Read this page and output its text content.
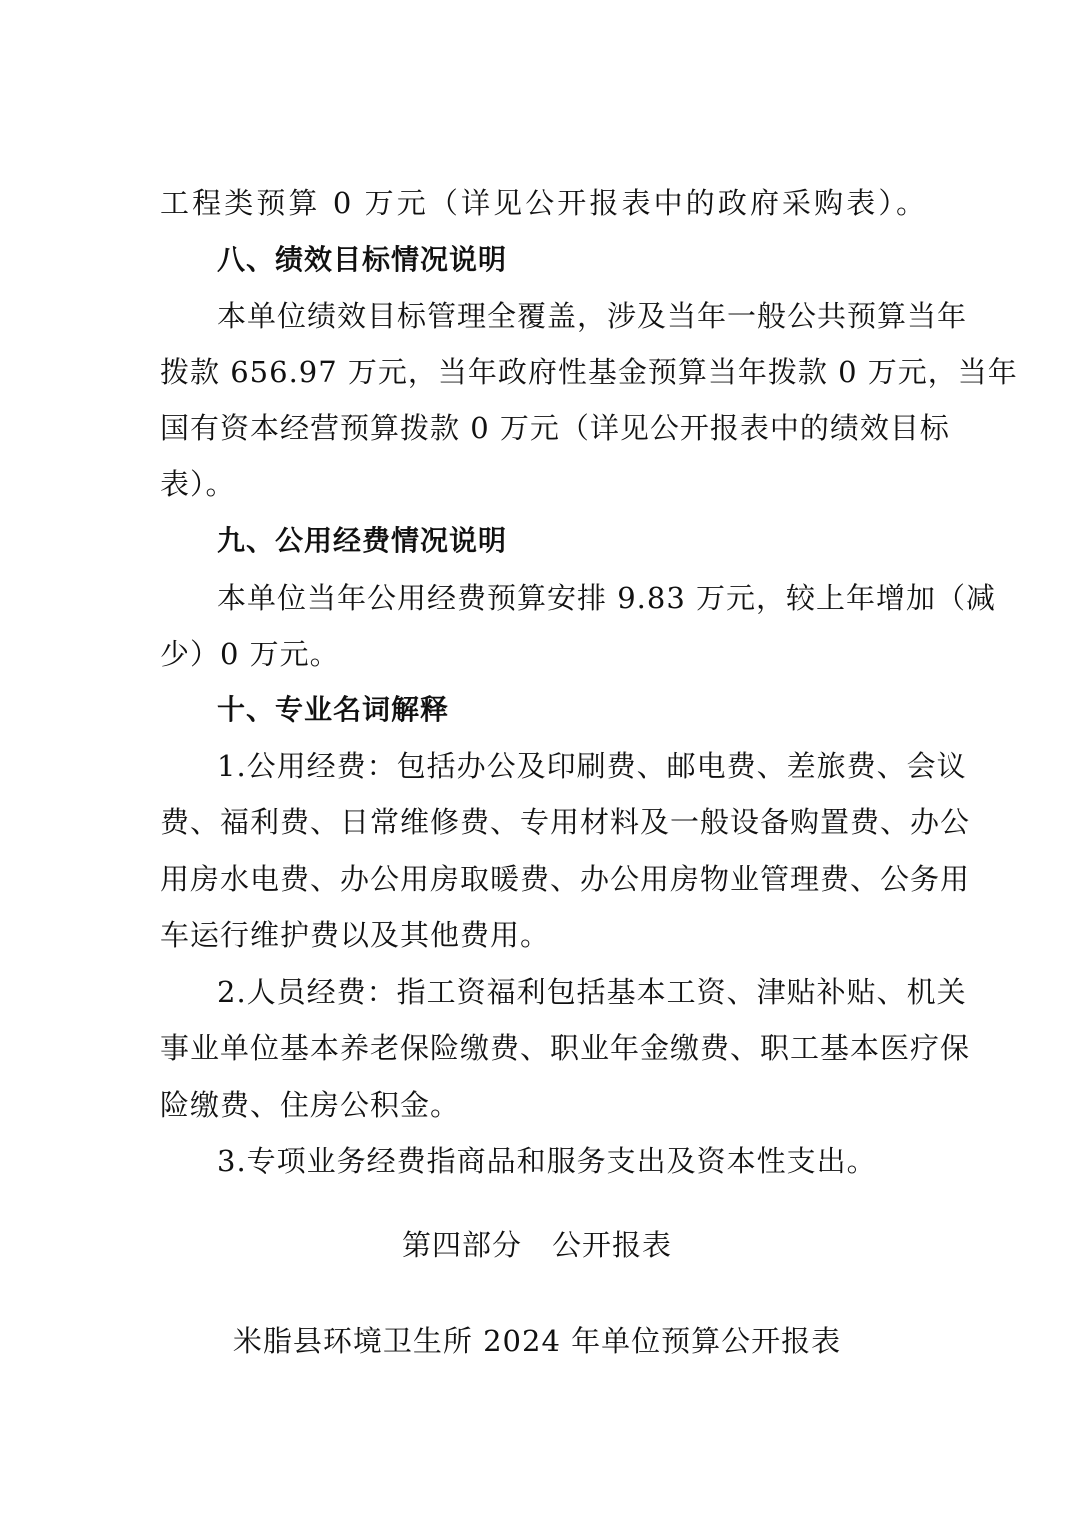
工程类预算 0 万元（详见公开报表中的政府采购表）。
八、绩效目标情况说明
本单位绩效目标管理全覆盖，涉及当年一般公共预算当年
拨款 656.97 万元，当年政府性基金预算当年拨款 0 万元，当年
国有资本经营预算拨款 0 万元（详见公开报表中的绩效目标
表）。
九、公用经费情况说明
本单位当年公用经费预算安排 9.83 万元，较上年增加（减
少）0 万元。
十、专业名词解释
1.公用经费：包括办公及印刷费、邮电费、差旅费、会议
费、福利费、日常维修费、专用材料及一般设备购置费、办公
用房水电费、办公用房取暖费、办公用房物业管理费、公务用
车运行维护费以及其他费用。
2.人员经费：指工资福利包括基本工资、津贴补贴、机关
事业单位基本养老保险缴费、职业年金缴费、职工基本医疗保
险缴费、住房公积金。
3.专项业务经费指商品和服务支出及资本性支出。
第四部分　公开报表
米脂县环境卫生所 2024 年单位预算公开报表
